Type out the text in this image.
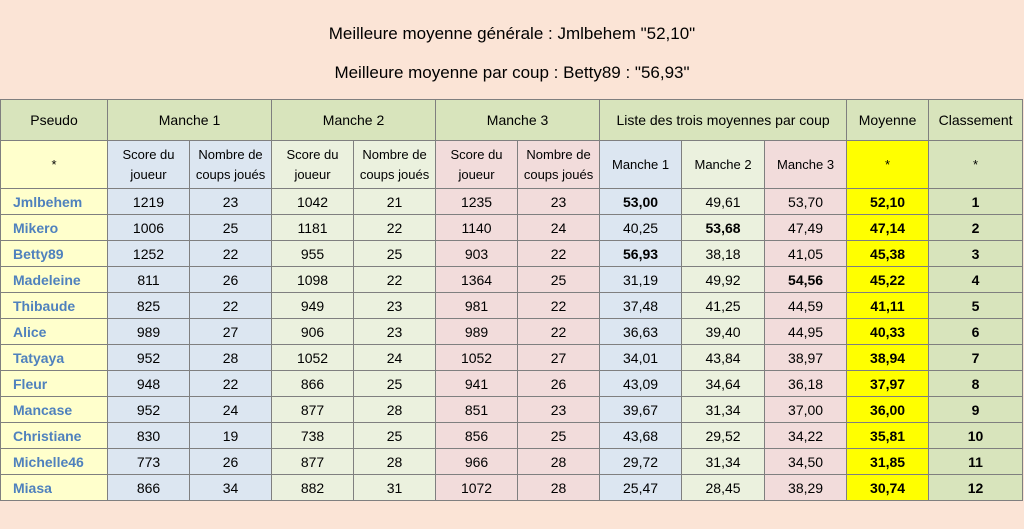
Meilleure moyenne générale : Jmlbehem "52,10"
Meilleure moyenne par coup : Betty89 : "56,93"
Pseudo	Manche 1		Manche 2		Manche 3		Liste des trois moyennes par coup			Moyenne	Classement
*	Score du joueur	Nombre de coups joués	Score du joueur	Nombre de coups joués	Score du joueur	Nombre de coups joués	Manche 1	Manche 2	Manche 3	*	*
Jmlbehem	1219	23	1042	21	1235	23	53,00	49,61	53,70	52,10	1
Mikero	1006	25	1181	22	1140	24	40,25	53,68	47,49	47,14	2
Betty89	1252	22	955	25	903	22	56,93	38,18	41,05	45,38	3
Madeleine	811	26	1098	22	1364	25	31,19	49,92	54,56	45,22	4
Thibaude	825	22	949	23	981	22	37,48	41,25	44,59	41,11	5
Alice	989	27	906	23	989	22	36,63	39,40	44,95	40,33	6
Tatyaya	952	28	1052	24	1052	27	34,01	43,84	38,97	38,94	7
Fleur	948	22	866	25	941	26	43,09	34,64	36,18	37,97	8
Mancase	952	24	877	28	851	23	39,67	31,34	37,00	36,00	9
Christiane	830	19	738	25	856	25	43,68	29,52	34,22	35,81	10
Michelle46	773	26	877	28	966	28	29,72	31,34	34,50	31,85	11
Miasa	866	34	882	31	1072	28	25,47	28,45	38,29	30,74	12
